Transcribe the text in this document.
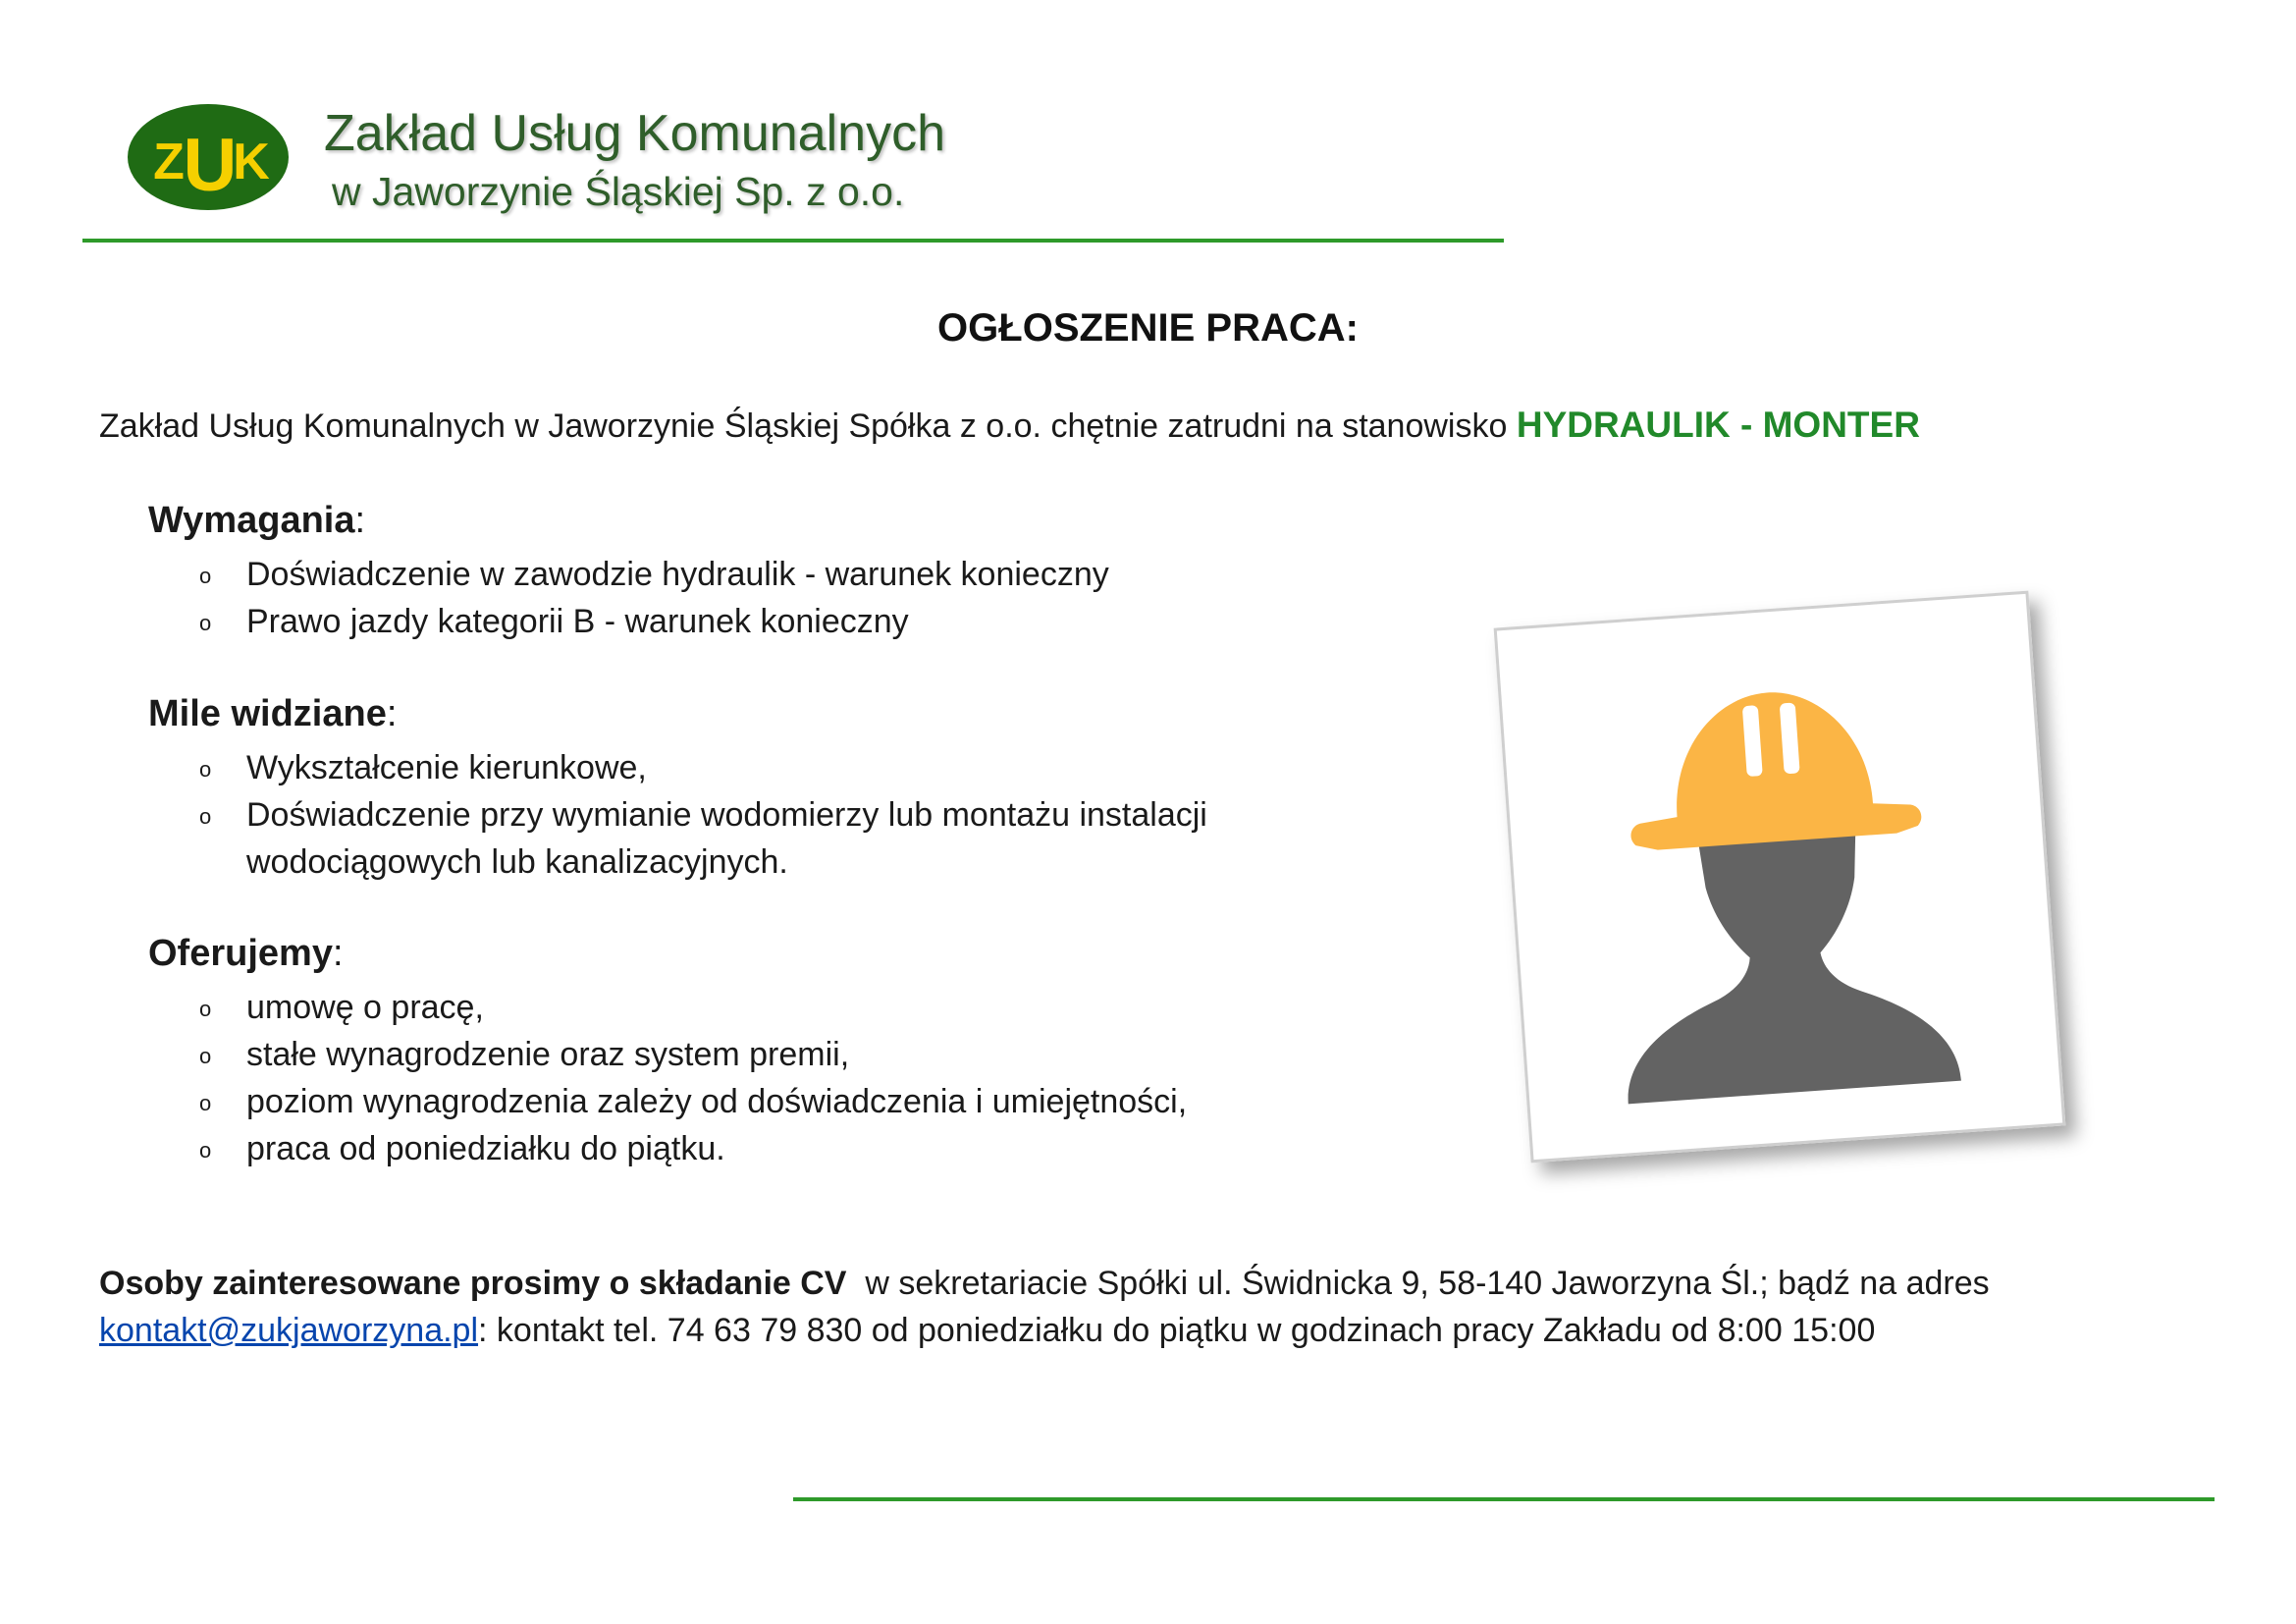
Z
U
K Zakład Usług Komunalnych
w Jaworzynie Śląskiej Sp. z o.o.
OGŁOSZENIE PRACA:
Zakład Usług Komunalnych w Jaworzynie Śląskiej Spółka z o.o. chętnie zatrudni na stanowisko HYDRAULIK - MONTER
Wymagania:
o Doświadczenie w zawodzie hydraulik - warunek konieczny
o Prawo jazdy kategorii B - warunek konieczny
Mile widziane:
o Wykształcenie kierunkowe,
o Doświadczenie przy wymianie wodomierzy lub montażu instalacji wodociągowych lub kanalizacyjnych.
Oferujemy:
o umowę o pracę,
o stałe wynagrodzenie oraz system premii,
o poziom wynagrodzenia zależy od doświadczenia i umiejętności,
o praca od poniedziałku do piątku.
Osoby zainteresowane prosimy o składanie CV  w sekretariacie Spółki ul. Świdnicka 9, 58-140 Jaworzyna Śl.; bądź na adres
kontakt@zukjaworzyna.pl: kontakt tel. 74 63 79 830 od poniedziałku do piątku w godzinach pracy Zakładu od 8:00 15:00
